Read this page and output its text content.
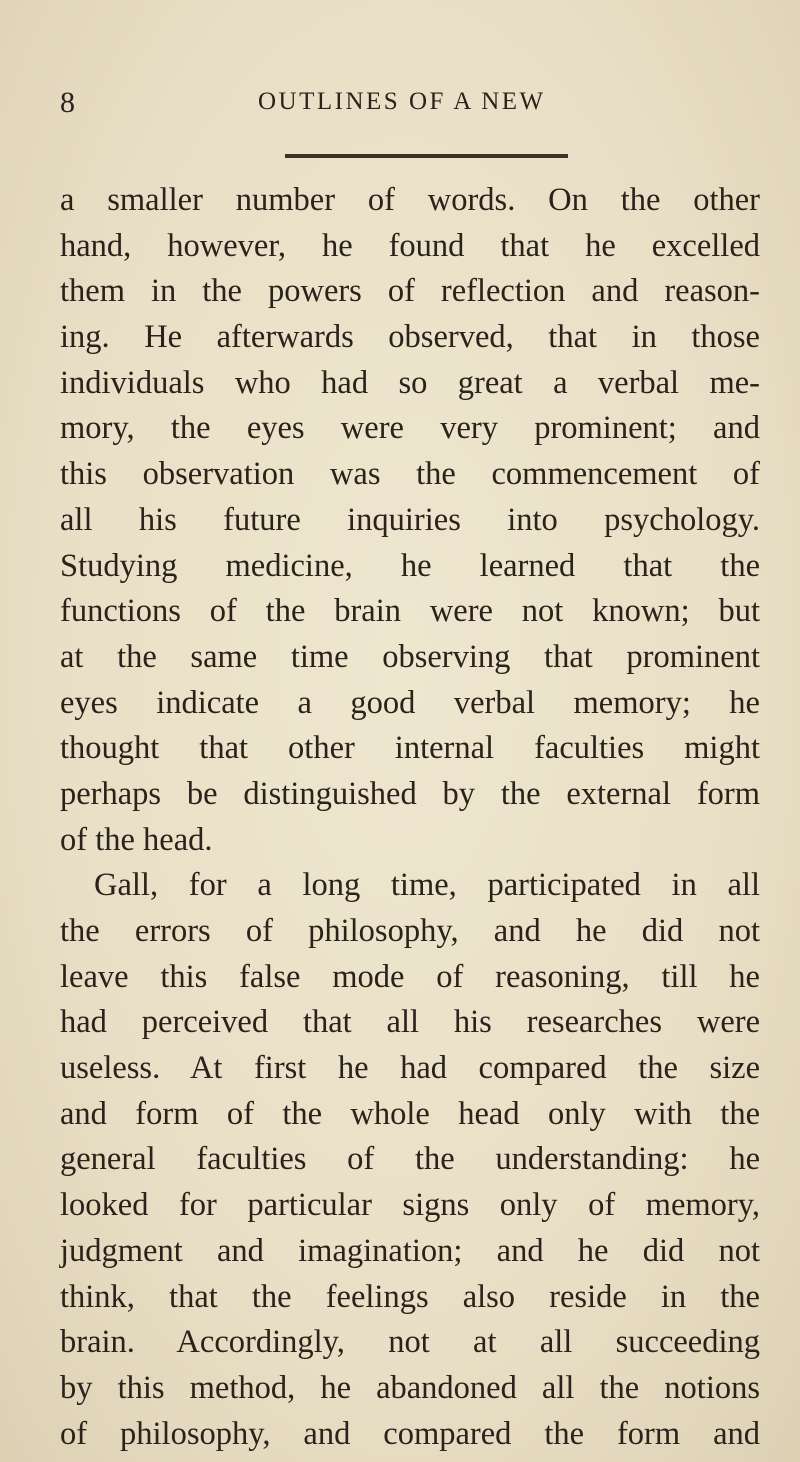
8	OUTLINES OF A NEW
a smaller number of words. On the other
hand, however, he found that he excelled
them in the powers of reflection and reason-
ing. He afterwards observed, that in those
individuals who had so great a verbal me-
mory, the eyes were very prominent; and
this observation was the commencement of
all his future inquiries into psychology.
Studying medicine, he learned that the
functions of the brain were not known; but
at the same time observing that prominent
eyes indicate a good verbal memory; he
thought that other internal faculties might
perhaps be distinguished by the external form
of the head.
Gall, for a long time, participated in all
the errors of philosophy, and he did not
leave this false mode of reasoning, till he
had perceived that all his researches were
useless. At first he had compared the size
and form of the whole head only with the
general faculties of the understanding: he
looked for particular signs only of memory,
judgment and imagination; and he did not
think, that the feelings also reside in the
brain. Accordingly, not at all succeeding
by this method, he abandoned all the notions
of philosophy, and compared the form and
